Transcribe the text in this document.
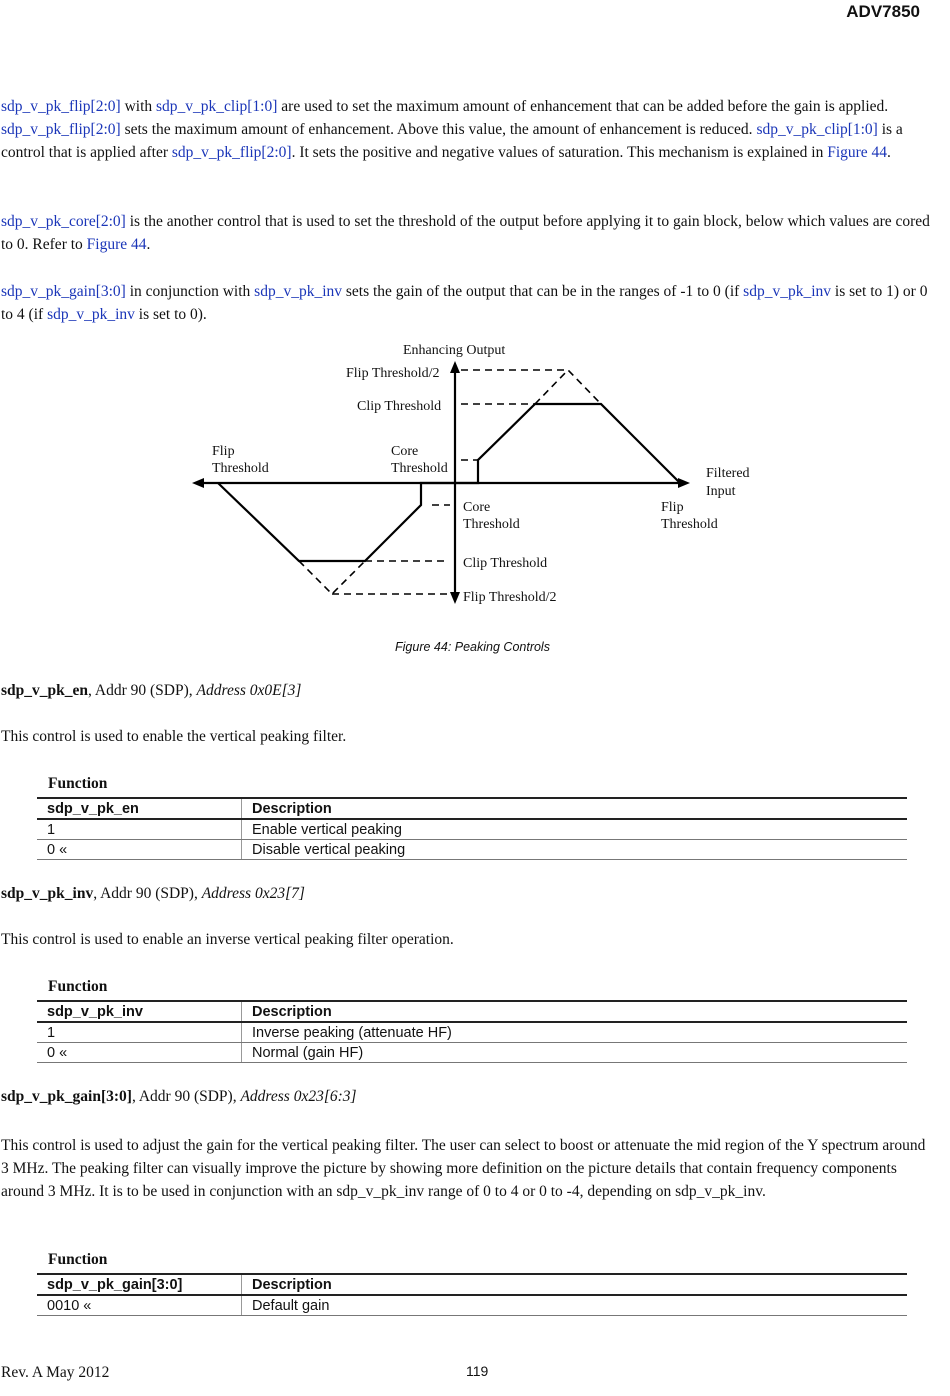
ADV7850

sdp_v_pk_flip[2:0] with sdp_v_pk_clip[1:0] are used to set the maximum amount of enhancement that can be added before the gain is applied. sdp_v_pk_flip[2:0] sets the maximum amount of enhancement. Above this value, the amount of enhancement is reduced. sdp_v_pk_clip[1:0] is a control that is applied after sdp_v_pk_flip[2:0]. It sets the positive and negative values of saturation. This mechanism is explained in Figure 44.

sdp_v_pk_core[2:0] is the another control that is used to set the threshold of the output before applying it to gain block, below which values are cored to 0. Refer to Figure 44.

sdp_v_pk_gain[3:0] in conjunction with sdp_v_pk_inv sets the gain of the output that can be in the ranges of -1 to 0 (if sdp_v_pk_inv is set to 1) or 0 to 4 (if sdp_v_pk_inv is set to 0).

Enhancing Output
Flip Threshold/2
Clip Threshold
Flip
Threshold
Core
Threshold	Filtered
Input
Core
Threshold
Flip
Threshold
Clip Threshold
Flip Threshold/2
Figure 44: Peaking Controls
sdp_v_pk_en, Addr 90 (SDP), Address 0x0E[3]
This control is used to enable the vertical peaking filter.
Function
sdp_v_pk_en	Description
1	Enable vertical peaking
0 «	Disable vertical peaking
sdp_v_pk_inv, Addr 90 (SDP), Address 0x23[7]
This control is used to enable an inverse vertical peaking filter operation.
Function
sdp_v_pk_inv	Description
1	Inverse peaking (attenuate HF)
0 «	Normal (gain HF)
sdp_v_pk_gain[3:0], Addr 90 (SDP), Address 0x23[6:3]

This control is used to adjust the gain for the vertical peaking filter. The user can select to boost or attenuate the mid region of the Y spectrum around 3 MHz. The peaking filter can visually improve the picture by showing more definition on the picture details that contain frequency components around 3 MHz. It is to be used in conjunction with an sdp_v_pk_inv range of 0 to 4 or 0 to -4, depending on sdp_v_pk_inv.

Function
sdp_v_pk_gain[3:0]	Description
0010 «	Default gain
Rev. A May 2012	119
